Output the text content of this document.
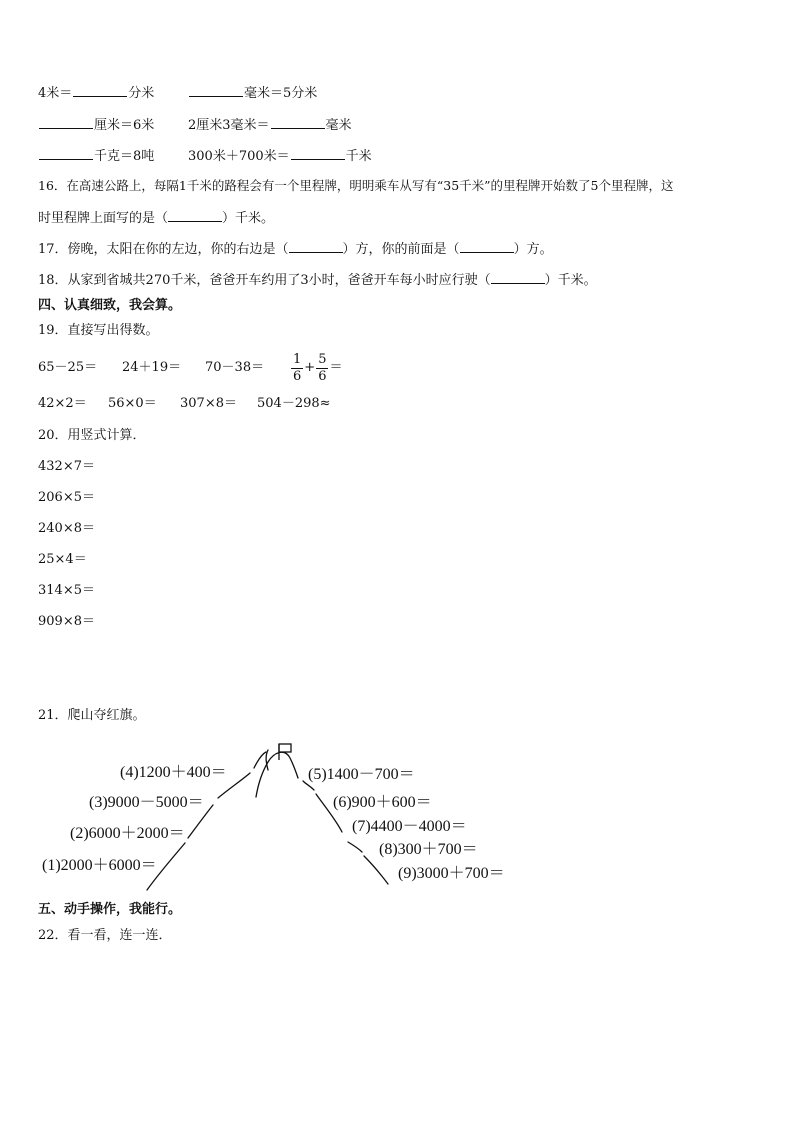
4米＝	分米	毫米＝5分米
厘米＝6米	2厘米3毫米＝	毫米
千克＝8吨	300米＋700米＝	千米
16．在高速公路上，每隔1千米的路程会有一个里程牌，明明乘车从写有“35千米”的里程牌开始数了5个里程牌，这
时里程牌上面写的是（	）千米。
17．傍晚，太阳在你的左边，你的右边是（	）方，你的前面是（	）方。
18．从家到省城共270千米，爸爸开车约用了3小时，爸爸开车每小时应行驶（	）千米。
四、认真细致，我会算。
19．直接写出得数。
$65-25= 24+19= 70-38= \frac{1}{6} + \frac{5}{6}$ ＝
42×2＝ 56×0＝ 307×8＝ 504－298≈
20．用竖式计算．
432×7＝
206×5＝
240×8＝
25×4＝
314×5＝
909×8＝
21．爬山夺红旗。
(1)2000＋6000＝
(2)6000＋2000＝
(3)9000－5000＝
(4)1200＋400＝	(5)1400－700＝
(6)900＋600＝
(7)4400－4000＝
(8)300＋700＝
(9)3000＋700＝
五、动手操作，我能行。
22．看一看，连一连．
